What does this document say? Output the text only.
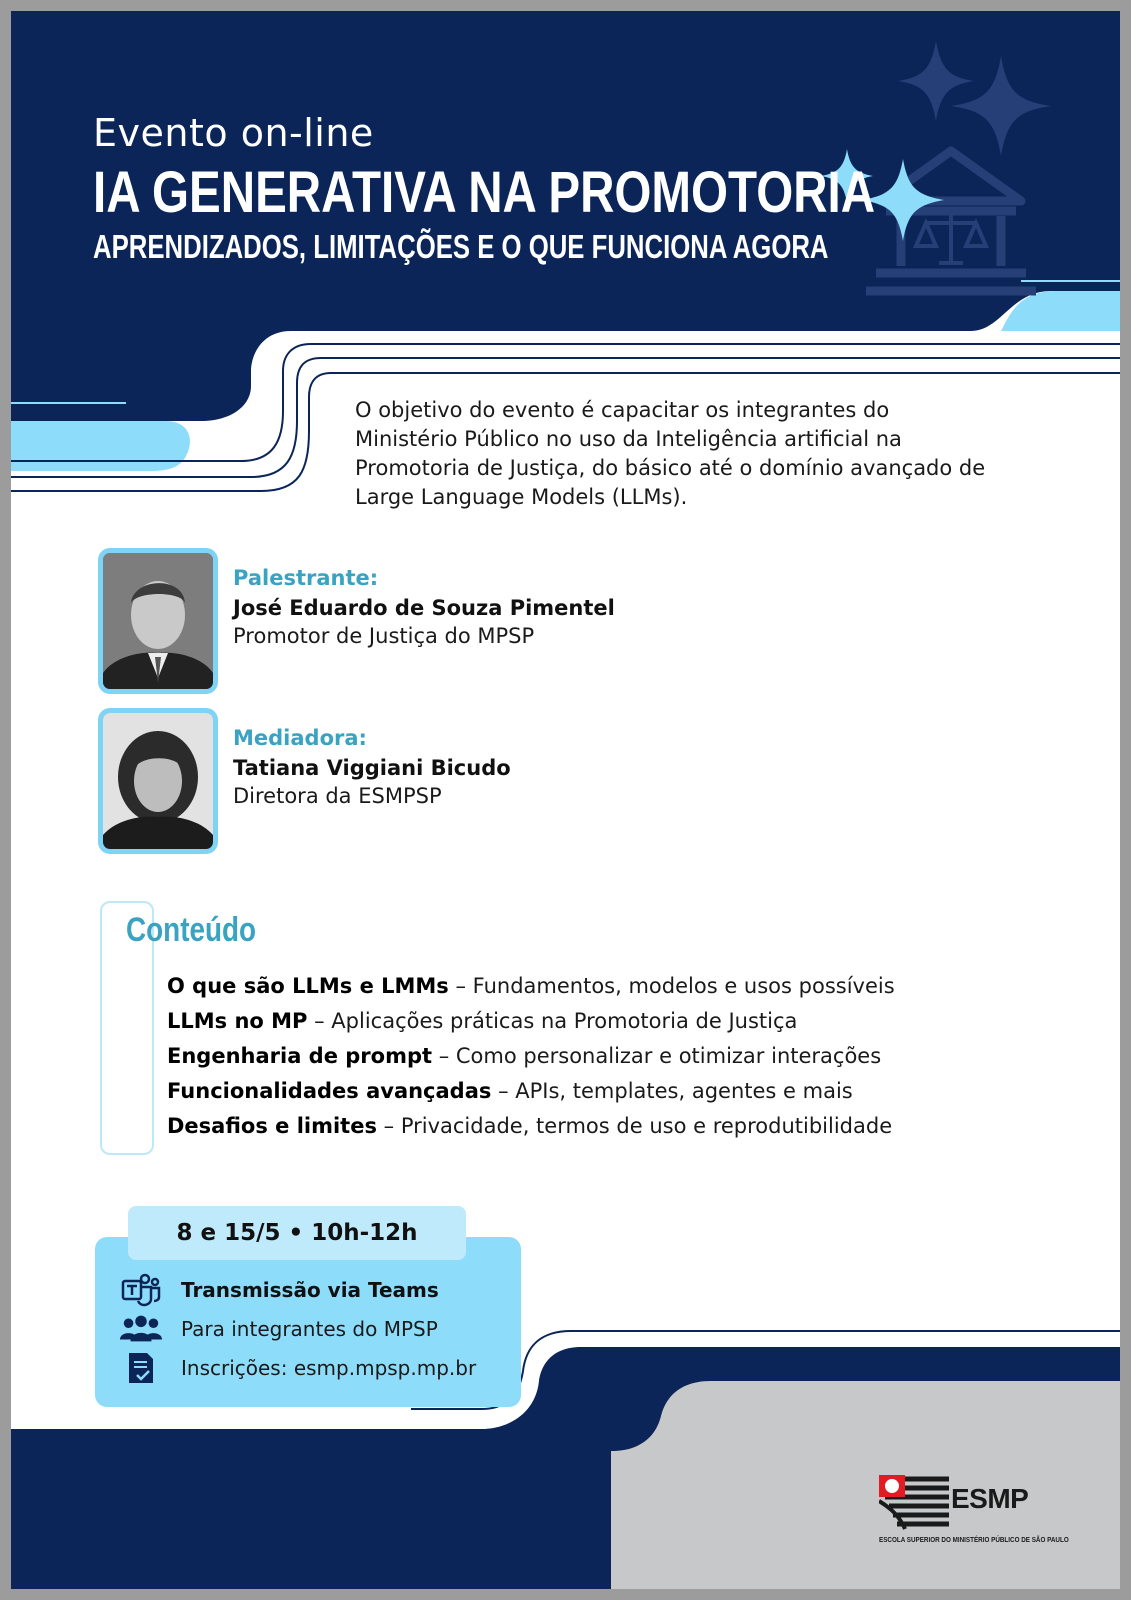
Evento on-line
IA GENERATIVA NA PROMOTORIA
APRENDIZADOS, LIMITAÇÕES E O QUE FUNCIONA AGORA
O objetivo do evento é capacitar os integrantes do Ministério Público no uso da Inteligência artificial na Promotoria de Justiça, do básico até o domínio avançado de Large Language Models (LLMs).
Palestrante:
José Eduardo de Souza Pimentel
Promotor de Justiça do MPSP
Mediadora:
Tatiana Viggiani Bicudo
Diretora da ESMPSP
Conteúdo
O que são LLMs e LMMs – Fundamentos, modelos e usos possíveis
LLMs no MP – Aplicações práticas na Promotoria de Justiça
Engenharia de prompt – Como personalizar e otimizar interações
Funcionalidades avançadas – APIs, templates, agentes e mais
Desafios e limites – Privacidade, termos de uso e reprodutibilidade
8 e 15/5 • 10h-12h
Transmissão via Teams
Para integrantes do MPSP
Inscrições: esmp.mpsp.mp.br
ESMP
ESCOLA SUPERIOR DO MINISTÉRIO PÚBLICO DE SÃO PAULO
